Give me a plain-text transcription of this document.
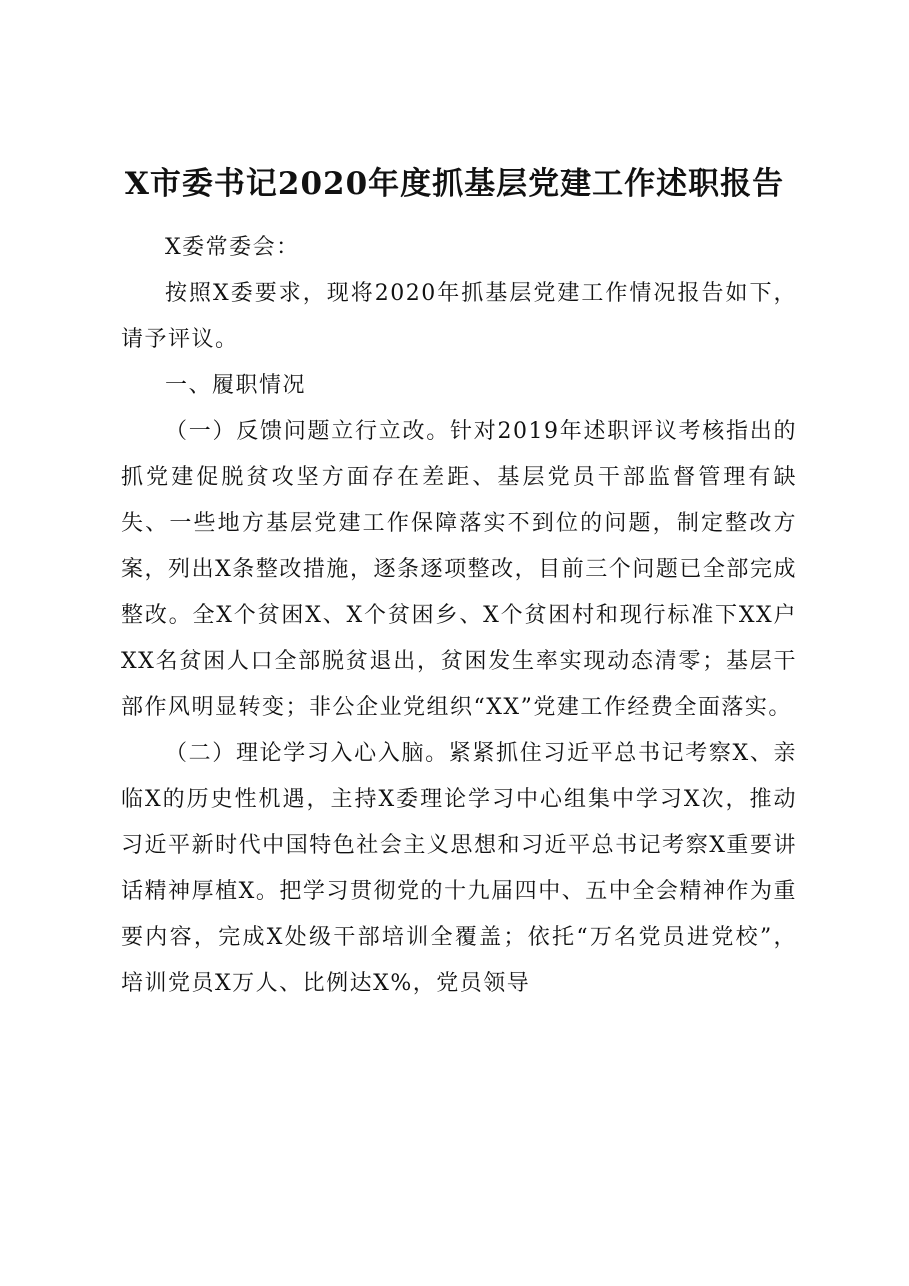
X市委书记2020年度抓基层党建工作述职报告

X委常委会：

按照X委要求，现将2020年抓基层党建工作情况报告如下，请予评议。

一、履职情况

（一）反馈问题立行立改。针对2019年述职评议考核指出的抓党建促脱贫攻坚方面存在差距、基层党员干部监督管理有缺失、一些地方基层党建工作保障落实不到位的问题，制定整改方案，列出X条整改措施，逐条逐项整改，目前三个问题已全部完成整改。全X个贫困X、X个贫困乡、X个贫困村和现行标准下XX户XX名贫困人口全部脱贫退出，贫困发生率实现动态清零；基层干部作风明显转变；非公企业党组织“XX”党建工作经费全面落实。

（二）理论学习入心入脑。紧紧抓住习近平总书记考察X、亲临X的历史性机遇，主持X委理论学习中心组集中学习X次，推动习近平新时代中国特色社会主义思想和习近平总书记考察X重要讲话精神厚植X。把学习贯彻党的十九届四中、五中全会精神作为重要内容，完成X处级干部培训全覆盖；依托“万名党员进党校”，培训党员X万人、比例达X%，党员领导
